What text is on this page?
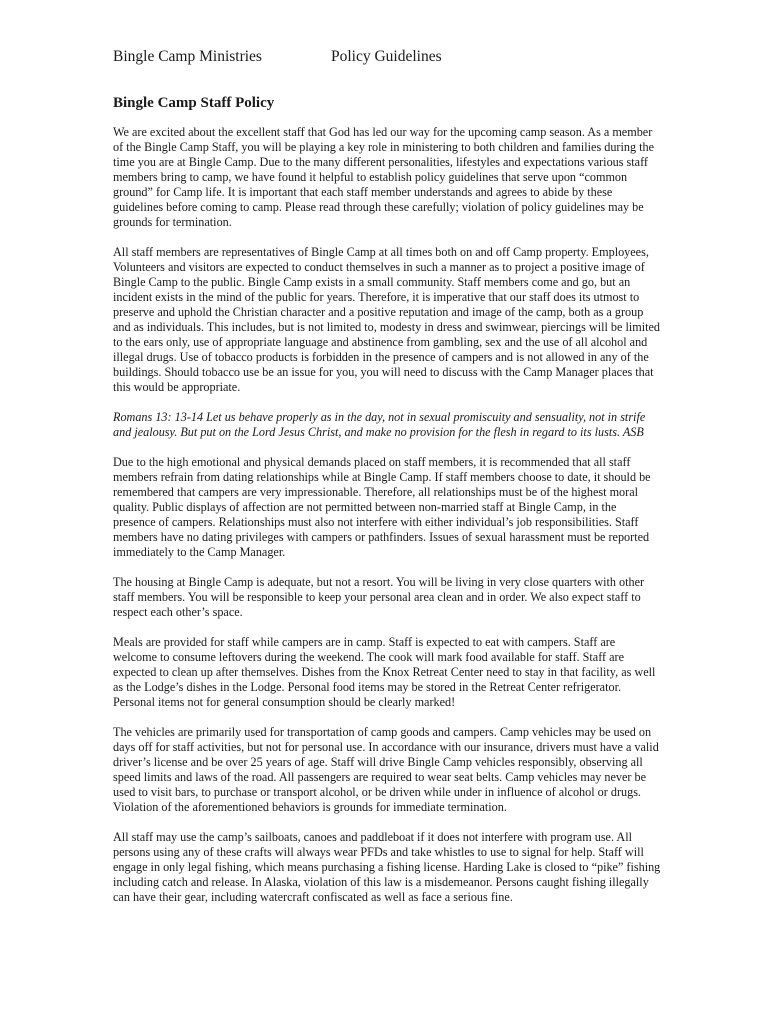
Bingle Camp Ministries	Policy Guidelines
Bingle Camp Staff Policy

We are excited about the excellent staff that God has led our way for the upcoming camp season. As a member of the Bingle Camp Staff, you will be playing a key role in ministering to both children and families during the time you are at Bingle Camp. Due to the many different personalities, lifestyles and expectations various staff members bring to camp, we have found it helpful to establish policy guidelines that serve upon “common ground” for Camp life. It is important that each staff member understands and agrees to abide by these guidelines before coming to camp. Please read through these carefully; violation of policy guidelines may be grounds for termination.

All staff members are representatives of Bingle Camp at all times both on and off Camp property. Employees, Volunteers and visitors are expected to conduct themselves in such a manner as to project a positive image of Bingle Camp to the public. Bingle Camp exists in a small community. Staff members come and go, but an incident exists in the mind of the public for years. Therefore, it is imperative that our staff does its utmost to preserve and uphold the Christian character and a positive reputation and image of the camp, both as a group and as individuals. This includes, but is not limited to, modesty in dress and swimwear, piercings will be limited to the ears only, use of appropriate language and abstinence from gambling, sex and the use of all alcohol and illegal drugs. Use of tobacco products is forbidden in the presence of campers and is not allowed in any of the buildings. Should tobacco use be an issue for you, you will need to discuss with the Camp Manager places that this would be appropriate.

Romans 13: 13-14 Let us behave properly as in the day, not in sexual promiscuity and sensuality, not in strife and jealousy. But put on the Lord Jesus Christ, and make no provision for the flesh in regard to its lusts. ASB

Due to the high emotional and physical demands placed on staff members, it is recommended that all staff members refrain from dating relationships while at Bingle Camp. If staff members choose to date, it should be remembered that campers are very impressionable. Therefore, all relationships must be of the highest moral quality. Public displays of affection are not permitted between non-married staff at Bingle Camp, in the presence of campers. Relationships must also not interfere with either individual’s job responsibilities. Staff members have no dating privileges with campers or pathfinders. Issues of sexual harassment must be reported immediately to the Camp Manager.

The housing at Bingle Camp is adequate, but not a resort. You will be living in very close quarters with other staff members. You will be responsible to keep your personal area clean and in order. We also expect staff to respect each other’s space.

Meals are provided for staff while campers are in camp. Staff is expected to eat with campers. Staff are welcome to consume leftovers during the weekend. The cook will mark food available for staff. Staff are expected to clean up after themselves. Dishes from the Knox Retreat Center need to stay in that facility, as well as the Lodge’s dishes in the Lodge. Personal food items may be stored in the Retreat Center refrigerator. Personal items not for general consumption should be clearly marked!

The vehicles are primarily used for transportation of camp goods and campers. Camp vehicles may be used on days off for staff activities, but not for personal use. In accordance with our insurance, drivers must have a valid driver’s license and be over 25 years of age. Staff will drive Bingle Camp vehicles responsibly, observing all speed limits and laws of the road. All passengers are required to wear seat belts. Camp vehicles may never be used to visit bars, to purchase or transport alcohol, or be driven while under in influence of alcohol or drugs. Violation of the aforementioned behaviors is grounds for immediate termination.

All staff may use the camp’s sailboats, canoes and paddleboat if it does not interfere with program use. All persons using any of these crafts will always wear PFDs and take whistles to use to signal for help. Staff will engage in only legal fishing, which means purchasing a fishing license. Harding Lake is closed to “pike” fishing including catch and release. In Alaska, violation of this law is a misdemeanor. Persons caught fishing illegally can have their gear, including watercraft confiscated as well as face a serious fine.
